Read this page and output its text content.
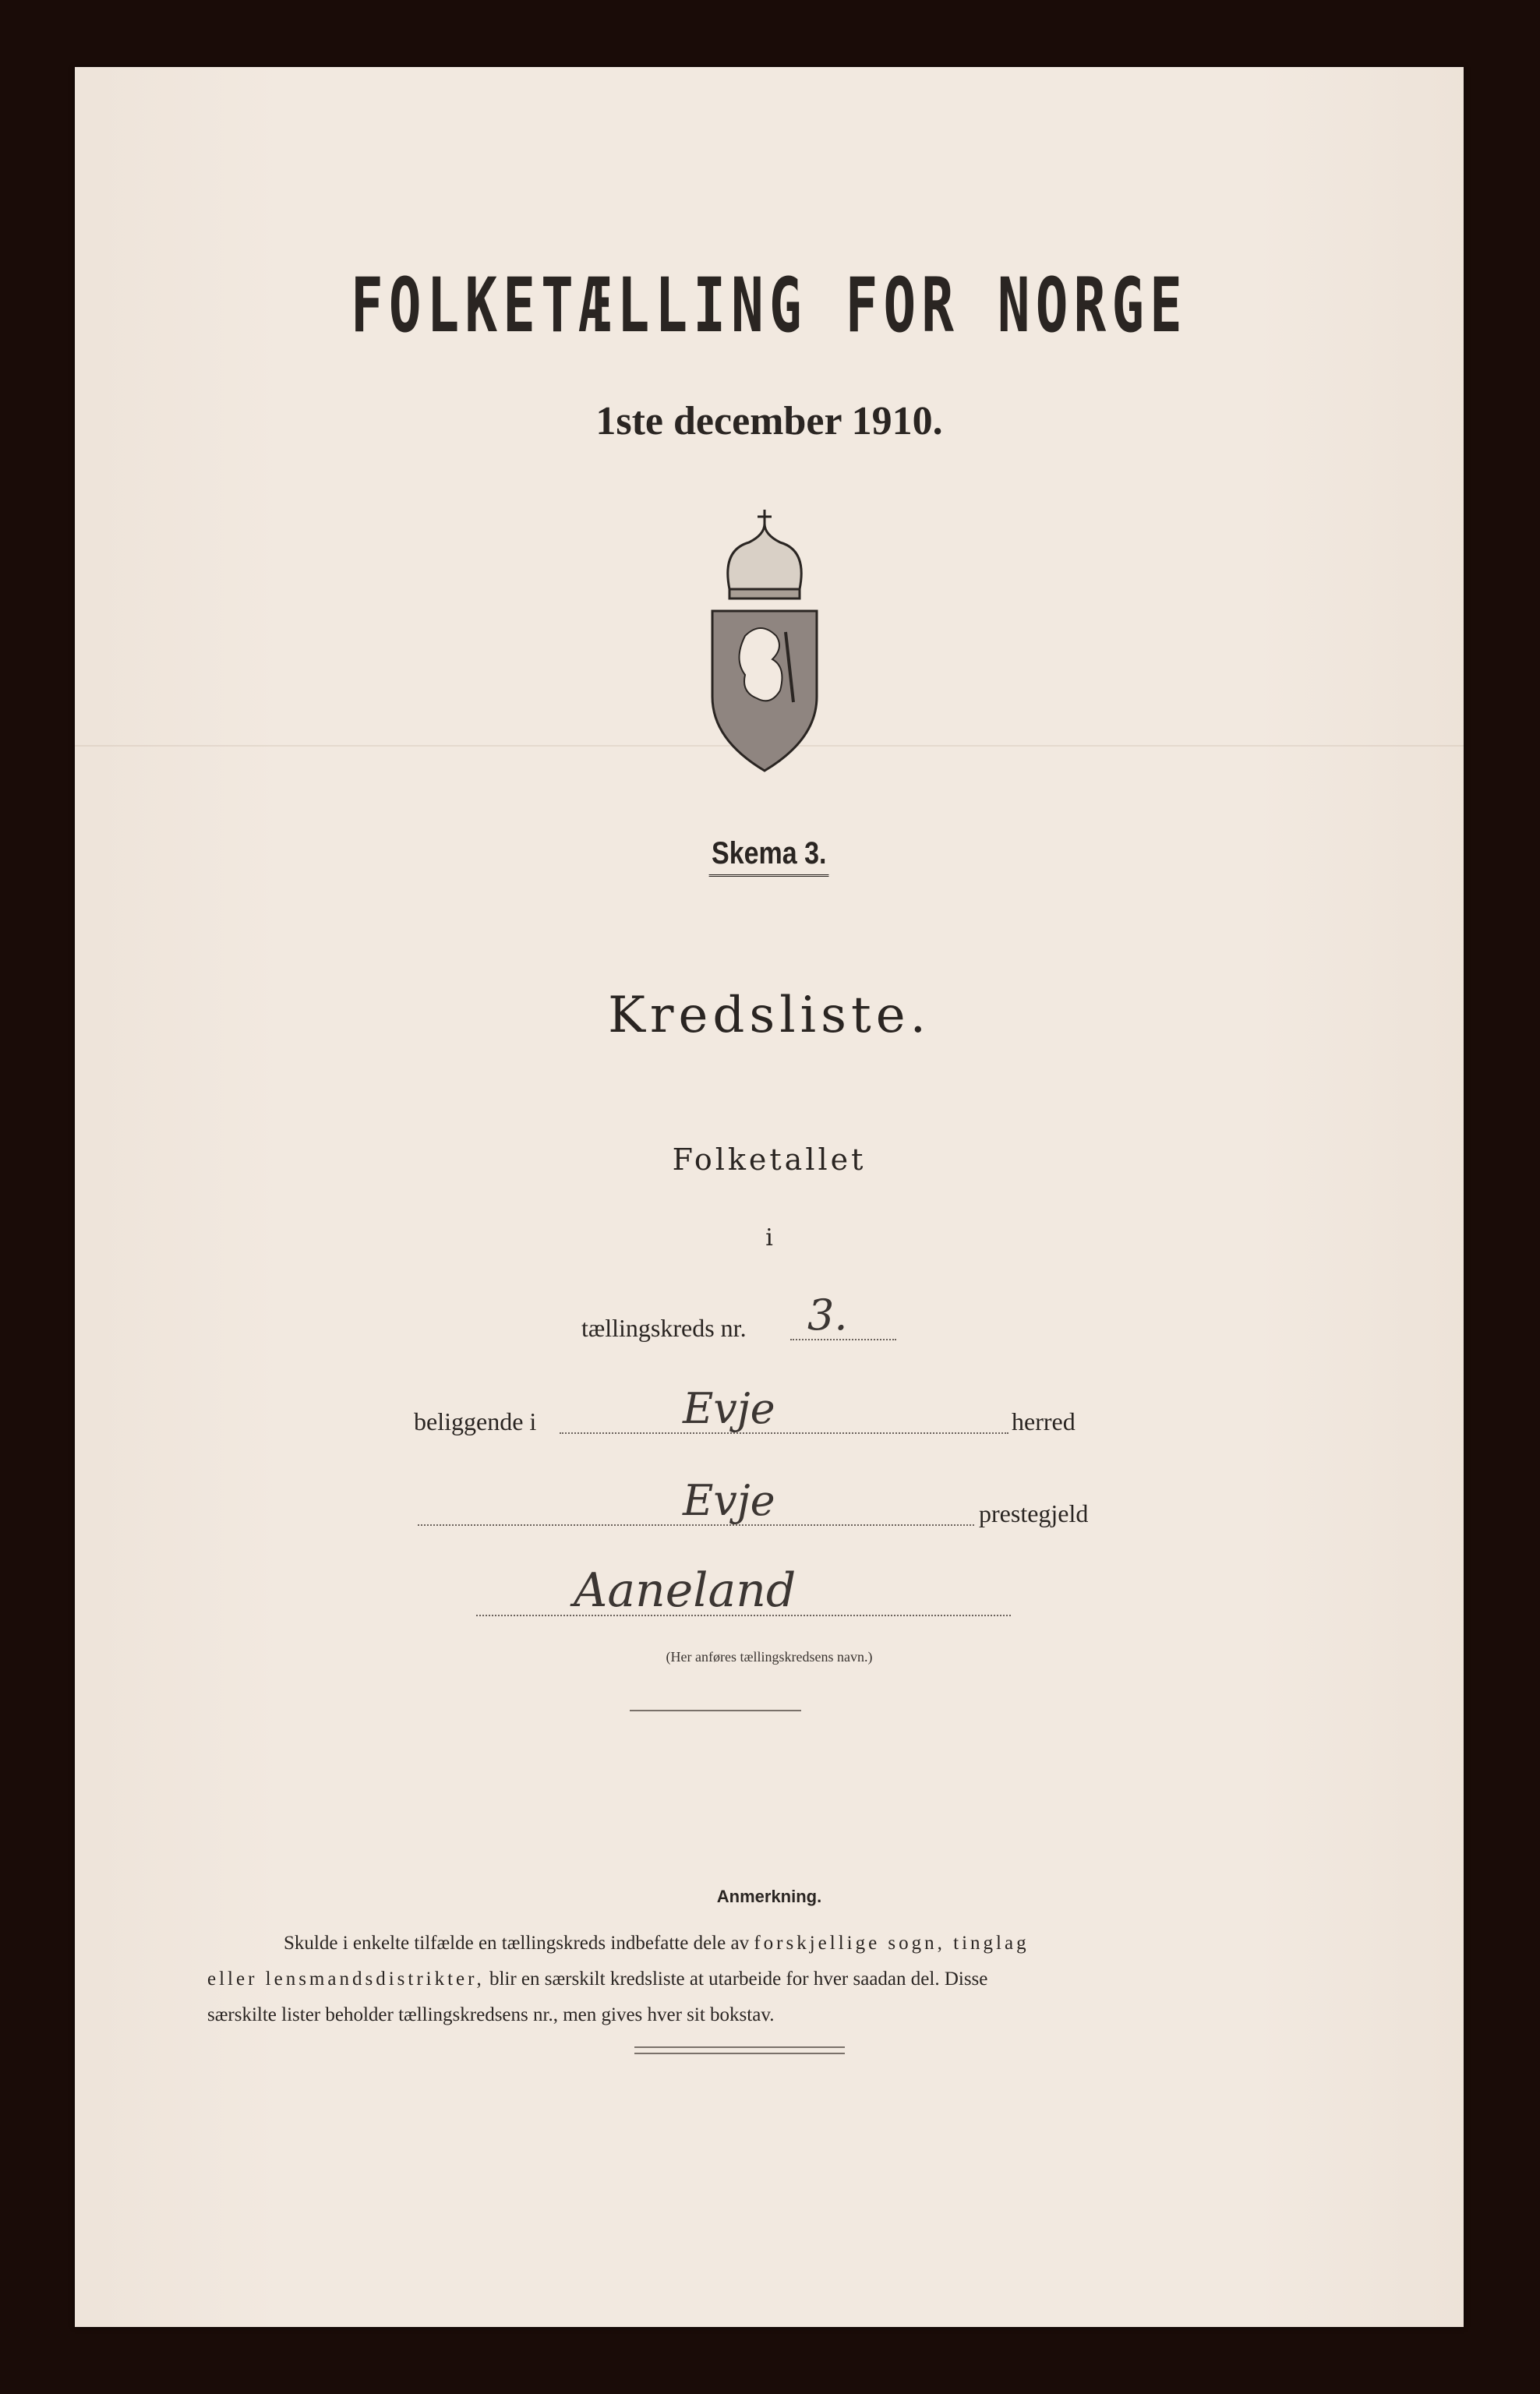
FOLKETÆLLING FOR NORGE
1ste december 1910.
Skema 3.
Kredsliste.
Folketallet
i
tællingskreds nr. 3.
beliggende i	Evje	herred
Evje	prestegjeld
Aaneland
(Her anføres tællingskredsens navn.)
Anmerkning.
Skulde i enkelte tilfælde en tællingskreds indbefatte dele av forskjellige sogn, tinglag
eller lensmandsdistrikter, blir en særskilt kredsliste at utarbeide for hver saadan del. Disse
særskilte lister beholder tællingskredsens nr., men gives hver sit bokstav.
